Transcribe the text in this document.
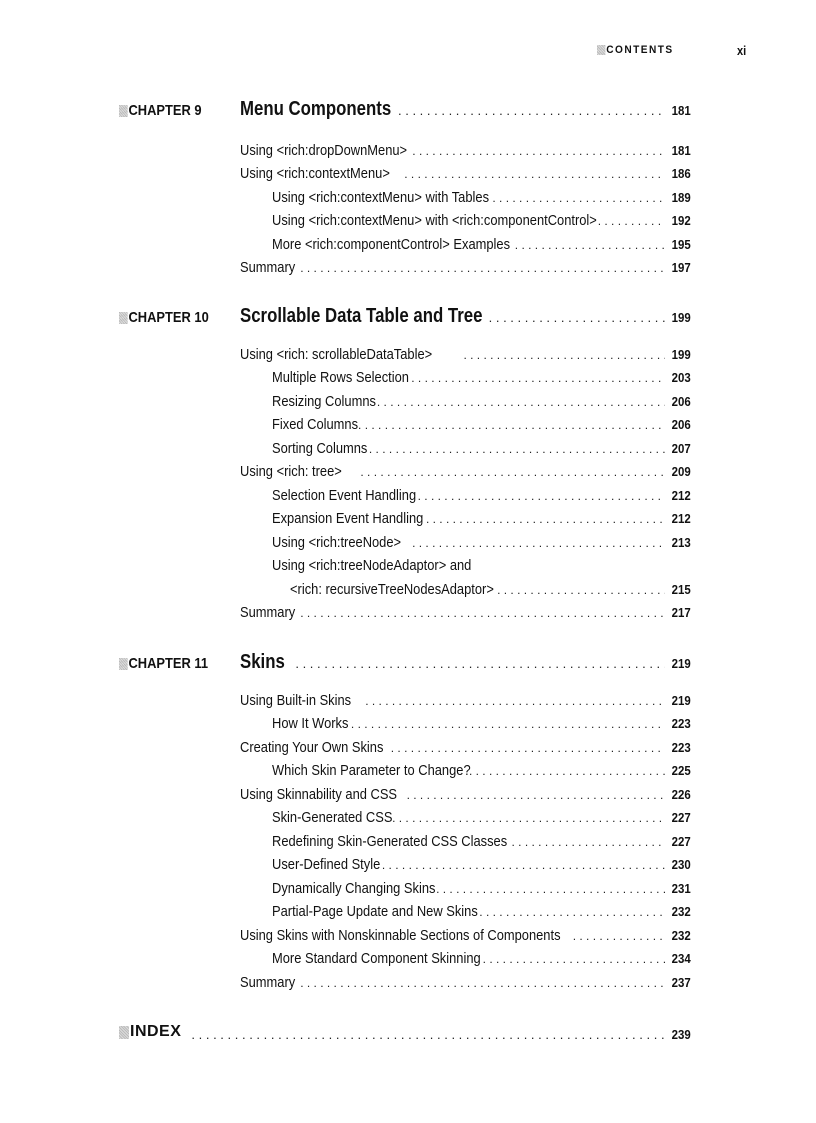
CONTENTS	xi
CHAPTER 9 Menu Components . . .	181
Using <rich:dropDownMenu> . . .	181
Using <rich:contextMenu> . . .	186
Using <rich:contextMenu> with Tables . . .	189
Using <rich:contextMenu> with <rich:componentControl> . . .	192
More <rich:componentControl> Examples . . .	195
Summary . . .	197
CHAPTER 10 Scrollable Data Table and Tree . . .	199
Using <rich: scrollableDataTable> . . .	199
Multiple Rows Selection . . .	203
Resizing Columns . . .	206
Fixed Columns . . .	206
Sorting Columns . . .	207
Using <rich: tree> . . .	209
Selection Event Handling . . .	212
Expansion Event Handling . . .	212
Using <rich:treeNode> . . .	213
Using <rich:treeNodeAdaptor> and
<rich: recursiveTreeNodesAdaptor> . . .	215
Summary . . .	217
CHAPTER 11 Skins . . .	219
Using Built-in Skins . . .	219
How It Works . . .	223
Creating Your Own Skins . . .	223
Which Skin Parameter to Change? . . .	225
Using Skinnability and CSS . . .	226
Skin-Generated CSS . . .	227
Redefining Skin-Generated CSS Classes . . .	227
User-Defined Style . . .	230
Dynamically Changing Skins . . .	231
Partial-Page Update and New Skins . . .	232
Using Skins with Nonskinnable Sections of Components . . .	232
More Standard Component Skinning . . .	234
Summary . . .	237
INDEX . . .	239
